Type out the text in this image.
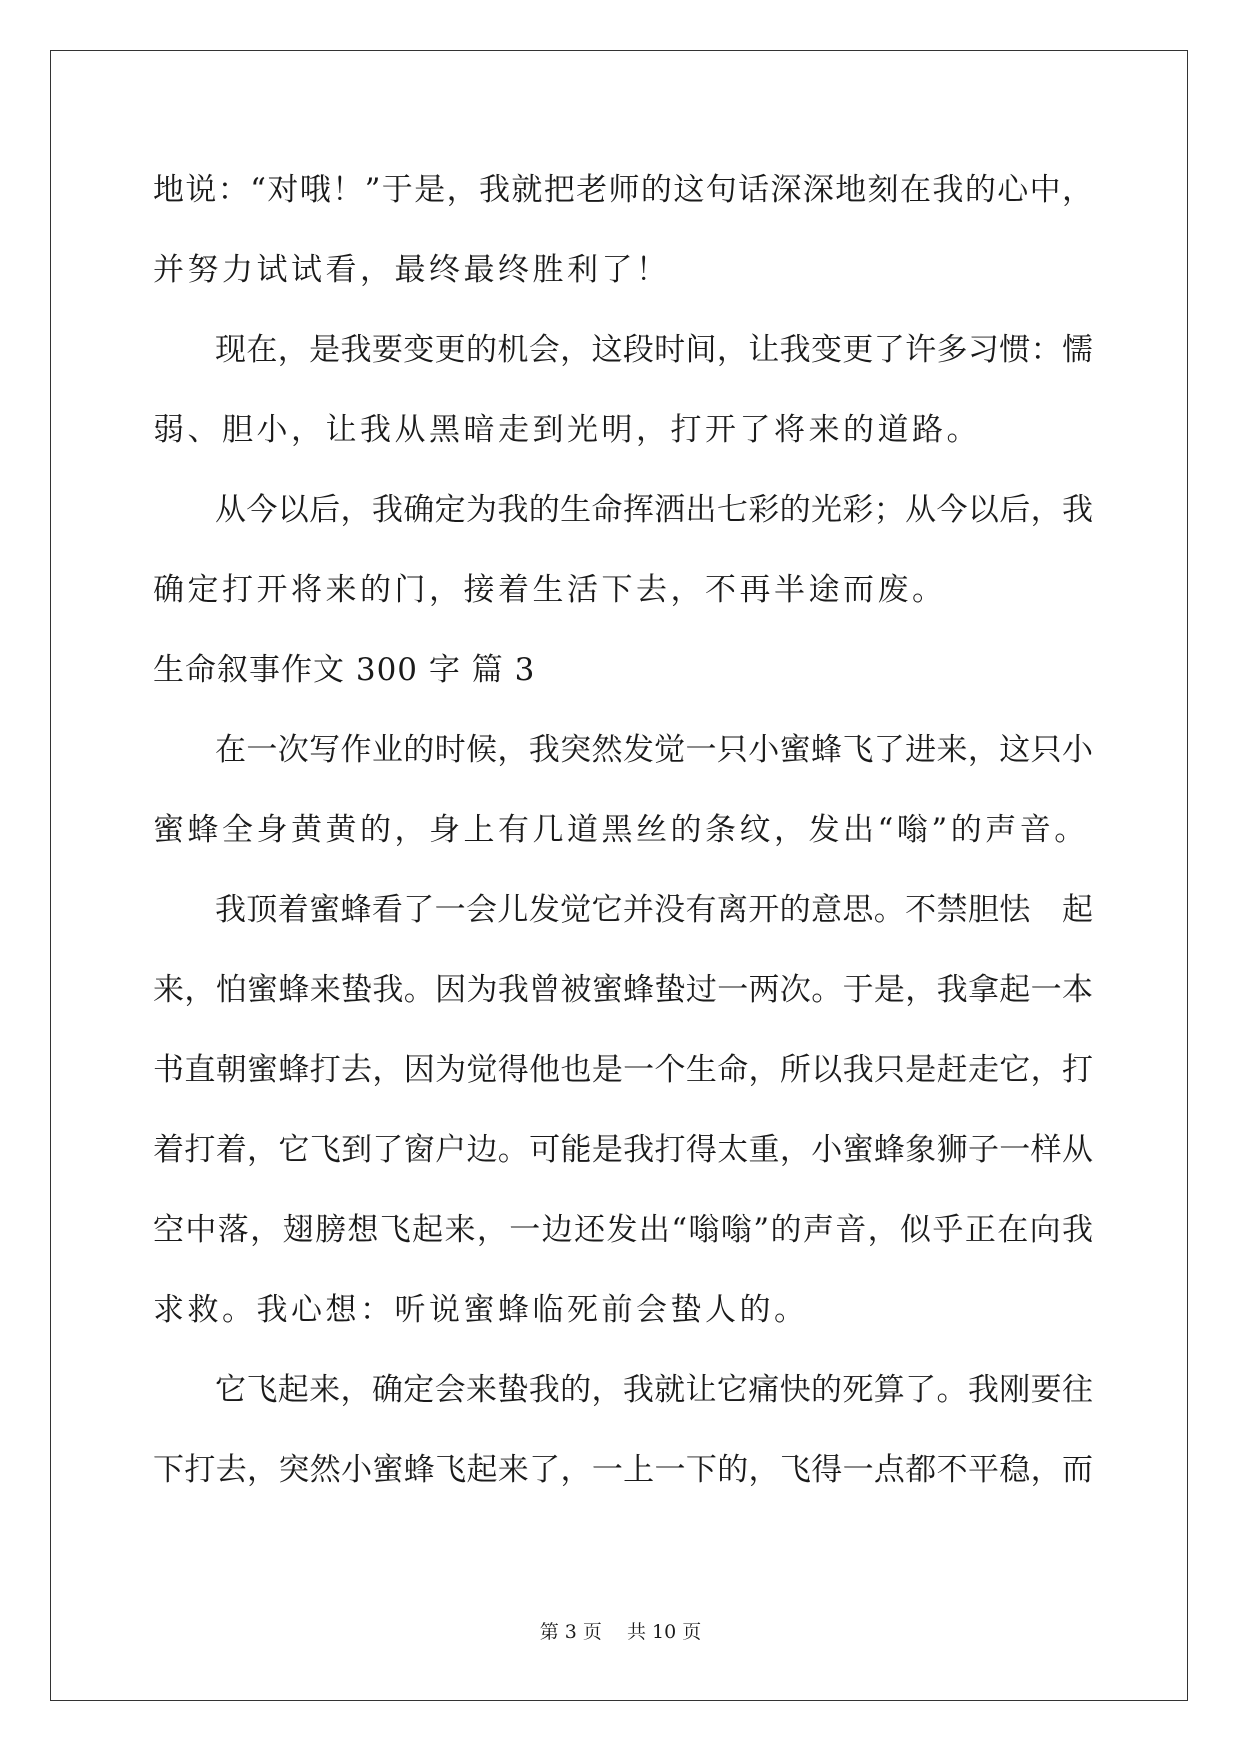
地说：“对哦！”于是，我就把老师的这句话深深地刻在我的心中，
并努力试试看，最终最终胜利了！
现在，是我要变更的机会，这段时间，让我变更了许多习惯：懦
弱、胆小，让我从黑暗走到光明，打开了将来的道路。
从今以后，我确定为我的生命挥洒出七彩的光彩；从今以后，我
确定打开将来的门，接着生活下去，不再半途而废。
生命叙事作文 300 字 篇 3
在一次写作业的时候，我突然发觉一只小蜜蜂飞了进来，这只小
蜜蜂全身黄黄的，身上有几道黑丝的条纹，发出“嗡”的声音。
我顶着蜜蜂看了一会儿发觉它并没有离开的意思。不禁胆怯　起
来，怕蜜蜂来蛰我。因为我曾被蜜蜂蛰过一两次。于是，我拿起一本
书直朝蜜蜂打去，因为觉得他也是一个生命，所以我只是赶走它，打
着打着，它飞到了窗户边。可能是我打得太重，小蜜蜂象狮子一样从
空中落，翅膀想飞起来，一边还发出“嗡嗡”的声音，似乎正在向我
求救。我心想：听说蜜蜂临死前会蛰人的。
它飞起来，确定会来蛰我的，我就让它痛快的死算了。我刚要往
下打去，突然小蜜蜂飞起来了，一上一下的，飞得一点都不平稳，而
第 3 页　 共 10 页
